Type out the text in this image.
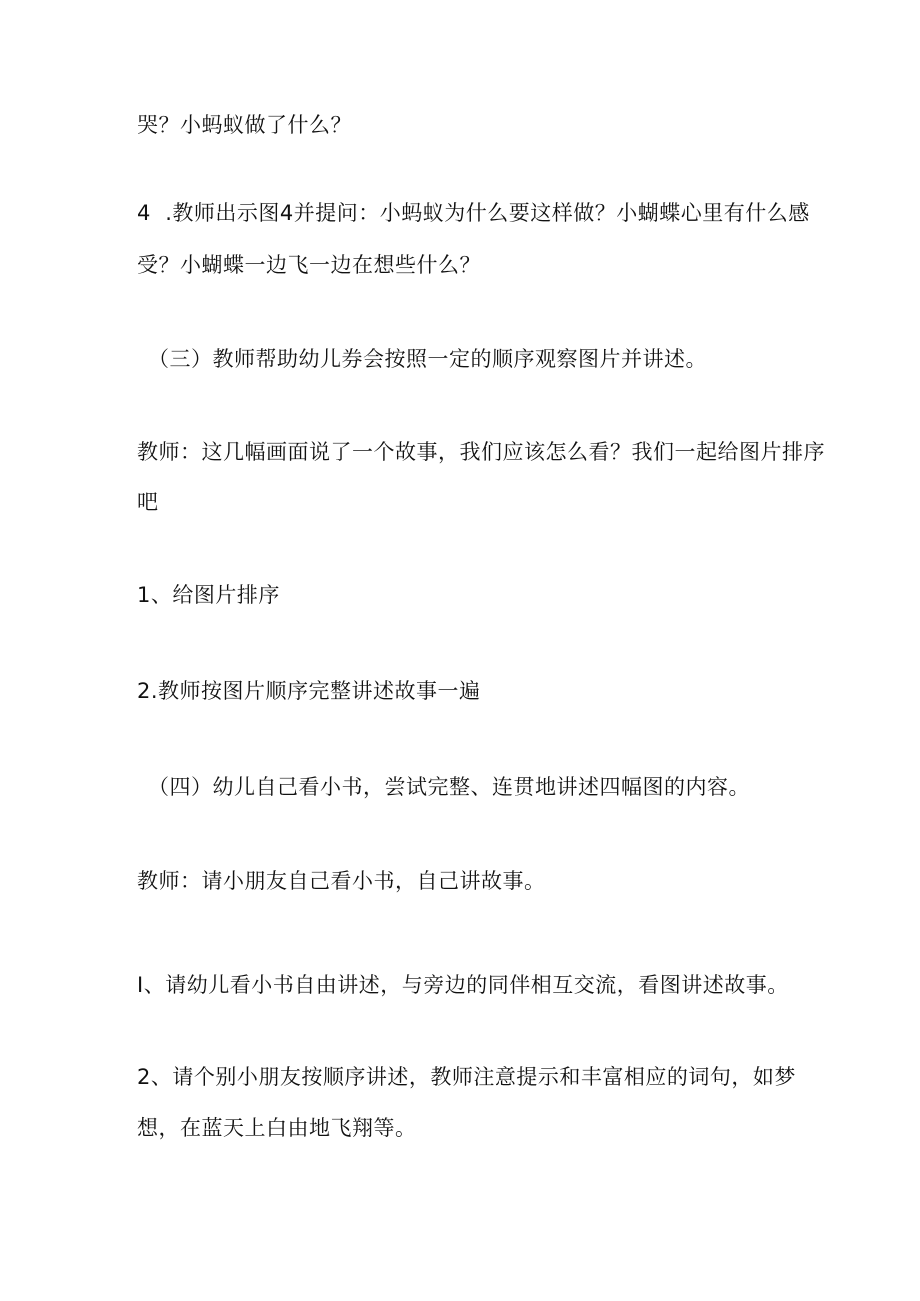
哭？小蚂蚁做了什么？
4  .教师出示图4并提问：小蚂蚁为什么要这样做？小蝴蝶心里有什么感
受？小蝴蝶一边飞一边在想些什么？
（三）教师帮助幼儿券会按照一定的顺序观察图片并讲述。
教师：这几幅画面说了一个故事，我们应该怎么看？我们一起给图片排序
吧
1、给图片排序
2.教师按图片顺序完整讲述故事一遍
（四）幼儿自己看小书，尝试完整、连贯地讲述四幅图的内容。
教师：请小朋友自己看小书，自己讲故事。
I、请幼儿看小书自由讲述，与旁边的同伴相互交流，看图讲述故事。
2、请个别小朋友按顺序讲述，教师注意提示和丰富相应的词句，如梦
想，在蓝天上白由地飞翔等。
